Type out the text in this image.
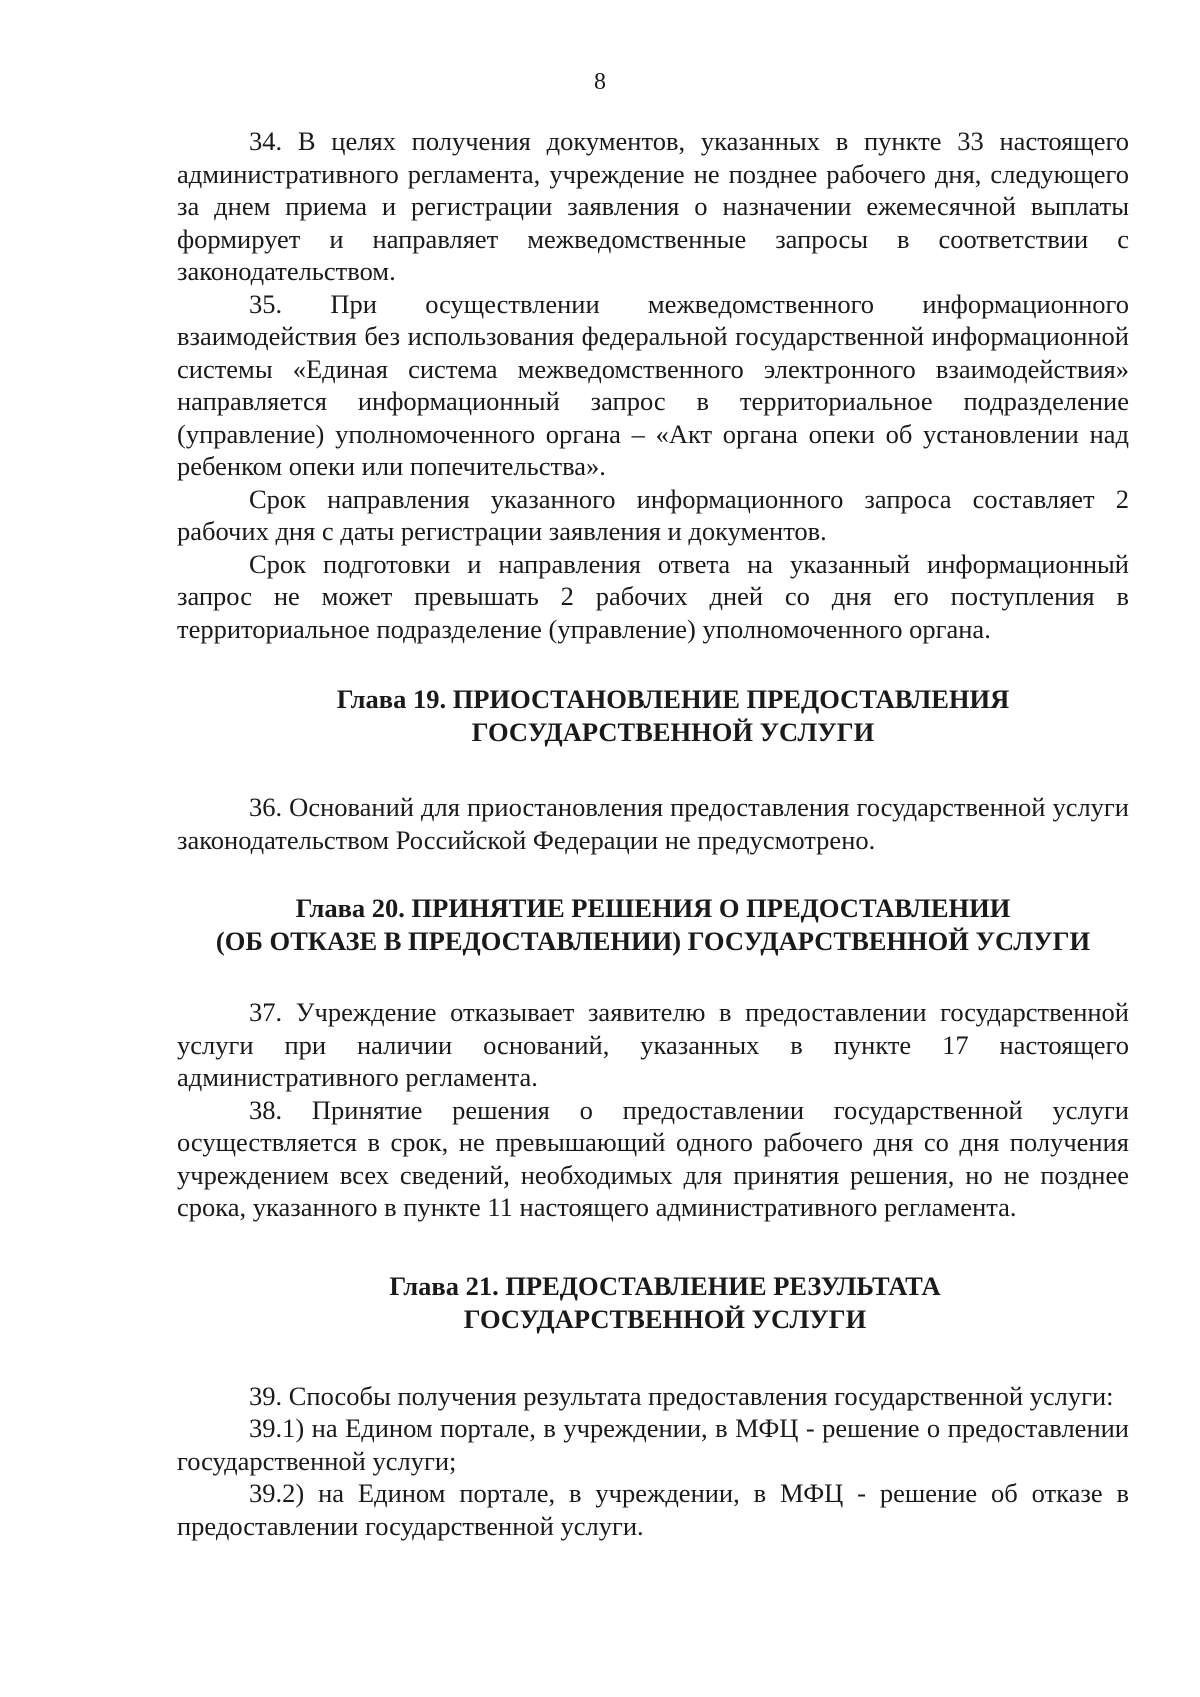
8

34. В целях получения документов, указанных в пункте 33 настоящего административного регламента, учреждение не позднее рабочего дня, следующего за днем приема и регистрации заявления о назначении ежемесячной выплаты формирует и направляет межведомственные запросы в соответствии с законодательством.

35. При осуществлении межведомственного информационного взаимодействия без использования федеральной государственной информационной системы «Единая система межведомственного электронного взаимодействия» направляется информационный запрос в территориальное подразделение (управление) уполномоченного органа – «Акт органа опеки об установлении над ребенком опеки или попечительства».

Срок направления указанного информационного запроса составляет 2 рабочих дня с даты регистрации заявления и документов.

Срок подготовки и направления ответа на указанный информационный запрос не может превышать 2 рабочих дней со дня его поступления в территориальное подразделение (управление) уполномоченного органа.

Глава 19. ПРИОСТАНОВЛЕНИЕ ПРЕДОСТАВЛЕНИЯ
ГОСУДАРСТВЕННОЙ УСЛУГИ

36. Оснований для приостановления предоставления государственной услуги законодательством Российской Федерации не предусмотрено.

Глава 20. ПРИНЯТИЕ РЕШЕНИЯ О ПРЕДОСТАВЛЕНИИ
(ОБ ОТКАЗЕ В ПРЕДОСТАВЛЕНИИ) ГОСУДАРСТВЕННОЙ УСЛУГИ

37. Учреждение отказывает заявителю в предоставлении государственной услуги при наличии оснований, указанных в пункте 17 настоящего административного регламента.

38. Принятие решения о предоставлении государственной услуги осуществляется в срок, не превышающий одного рабочего дня со дня получения учреждением всех сведений, необходимых для принятия решения, но не позднее срока, указанного в пункте 11 настоящего административного регламента.

Глава 21. ПРЕДОСТАВЛЕНИЕ РЕЗУЛЬТАТА
ГОСУДАРСТВЕННОЙ УСЛУГИ

39. Способы получения результата предоставления государственной услуги:

39.1) на Едином портале, в учреждении, в МФЦ - решение о предоставлении государственной услуги;

39.2) на Едином портале, в учреждении, в МФЦ - решение об отказе в предоставлении государственной услуги.
